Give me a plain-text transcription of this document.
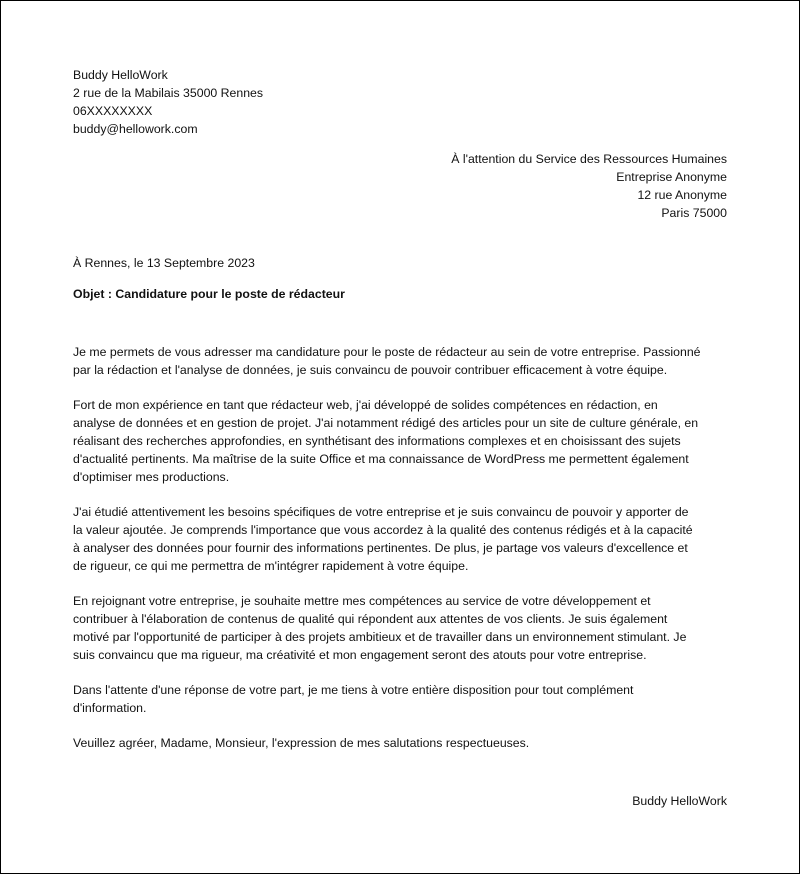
Buddy HelloWork
2 rue de la Mabilais 35000 Rennes
06XXXXXXXX
buddy@hellowork.com
À l'attention du Service des Ressources Humaines
Entreprise Anonyme
12 rue Anonyme
Paris 75000
À Rennes, le 13 Septembre 2023
Objet : Candidature pour le poste de rédacteur

Je me permets de vous adresser ma candidature pour le poste de rédacteur au sein de votre entreprise. Passionné
par la rédaction et l'analyse de données, je suis convaincu de pouvoir contribuer efficacement à votre équipe.

Fort de mon expérience en tant que rédacteur web, j'ai développé de solides compétences en rédaction, en
analyse de données et en gestion de projet. J'ai notamment rédigé des articles pour un site de culture générale, en
réalisant des recherches approfondies, en synthétisant des informations complexes et en choisissant des sujets
d'actualité pertinents. Ma maîtrise de la suite Office et ma connaissance de WordPress me permettent également
d'optimiser mes productions.

J'ai étudié attentivement les besoins spécifiques de votre entreprise et je suis convaincu de pouvoir y apporter de
la valeur ajoutée. Je comprends l'importance que vous accordez à la qualité des contenus rédigés et à la capacité
à analyser des données pour fournir des informations pertinentes. De plus, je partage vos valeurs d'excellence et
de rigueur, ce qui me permettra de m'intégrer rapidement à votre équipe.

En rejoignant votre entreprise, je souhaite mettre mes compétences au service de votre développement et
contribuer à l'élaboration de contenus de qualité qui répondent aux attentes de vos clients. Je suis également
motivé par l'opportunité de participer à des projets ambitieux et de travailler dans un environnement stimulant. Je
suis convaincu que ma rigueur, ma créativité et mon engagement seront des atouts pour votre entreprise.

Dans l'attente d'une réponse de votre part, je me tiens à votre entière disposition pour tout complément
d'information.

Veuillez agréer, Madame, Monsieur, l'expression de mes salutations respectueuses.

Buddy HelloWork
